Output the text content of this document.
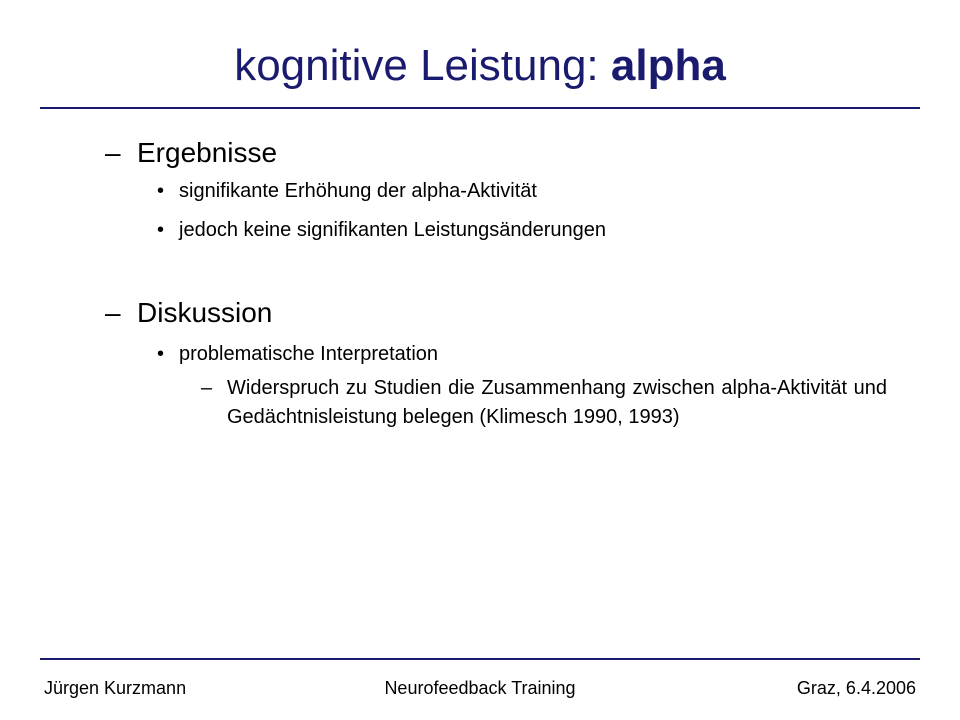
kognitive Leistung: alpha
– Ergebnisse
• signifikante Erhöhung der alpha-Aktivität
• jedoch keine signifikanten Leistungsänderungen
– Diskussion
• problematische Interpretation
– Widerspruch zu Studien die Zusammenhang zwischen alpha-Aktivität und Gedächtnisleistung belegen (Klimesch 1990, 1993)
Jürgen Kurzmann	Neurofeedback Training	Graz, 6.4.2006
